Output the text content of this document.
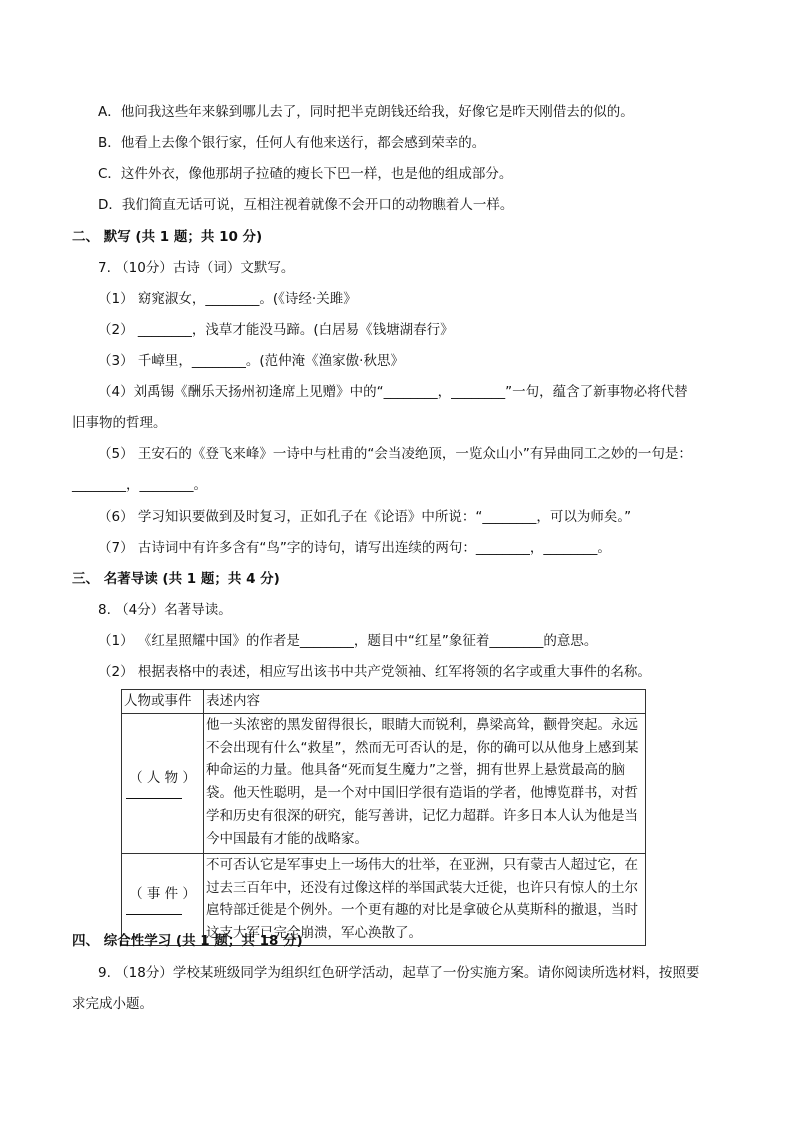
A．他问我这些年来躲到哪儿去了，同时把半克朗钱还给我，好像它是昨天刚借去的似的。
B．他看上去像个银行家，任何人有他来送行，都会感到荣幸的。
C．这件外衣，像他那胡子拉碴的瘦长下巴一样，也是他的组成部分。
D．我们简直无话可说，互相注视着就像不会开口的动物瞧着人一样。
二、 默写 (共 1 题；共 10 分)
7. （10分）古诗（词）文默写。
（1） 窈窕淑女，________。(《诗经·关雎》
（2） ________，浅草才能没马蹄。(白居易《钱塘湖春行》
（3） 千嶂里，________。(范仲淹《渔家傲·秋思》
（4）刘禹锡《酬乐天扬州初逢席上见赠》中的“________，________”一句，蕴含了新事物必将代替
旧事物的哲理。
（5） 王安石的《登飞来峰》一诗中与杜甫的“会当凌绝顶，一览众山小”有异曲同工之妙的一句是：
________，________。
（6） 学习知识要做到及时复习，正如孔子在《论语》中所说：“________，可以为师矣。”
（7） 古诗词中有许多含有“鸟”字的诗句，请写出连续的两句：________，________。
三、 名著导读 (共 1 题；共 4 分)
8. （4分）名著导读。
（1） 《红星照耀中国》的作者是________，题目中“红星”象征着________的意思。
（2） 根据表格中的表述，相应写出该书中共产党领袖、红军将领的名字或重大事件的名称。
人物或事件	表述内容
（ 人 物 ）	他一头浓密的黑发留得很长，眼睛大而锐利，鼻梁高耸，颧骨突起。永远不会出现有什么“救星”，然而无可否认的是，你的确可以从他身上感到某种命运的力量。他具备“死而复生魔力”之誉，拥有世界上悬赏最高的脑袋。他天性聪明，是一个对中国旧学很有造诣的学者，他博览群书，对哲学和历史有很深的研究，能写善讲，记忆力超群。许多日本人认为他是当今中国最有才能的战略家。
（ 事 件 ）	不可否认它是军事史上一场伟大的壮举，在亚洲，只有蒙古人超过它，在过去三百年中，还没有过像这样的举国武装大迁徙，也许只有惊人的土尔扈特部迁徙是个例外。一个更有趣的对比是拿破仑从莫斯科的撤退，当时这支大军已完全崩溃，军心涣散了。
四、 综合性学习 (共 1 题；共 18 分)
9. （18分）学校某班级同学为组织红色研学活动，起草了一份实施方案。请你阅读所选材料，按照要
求完成小题。
